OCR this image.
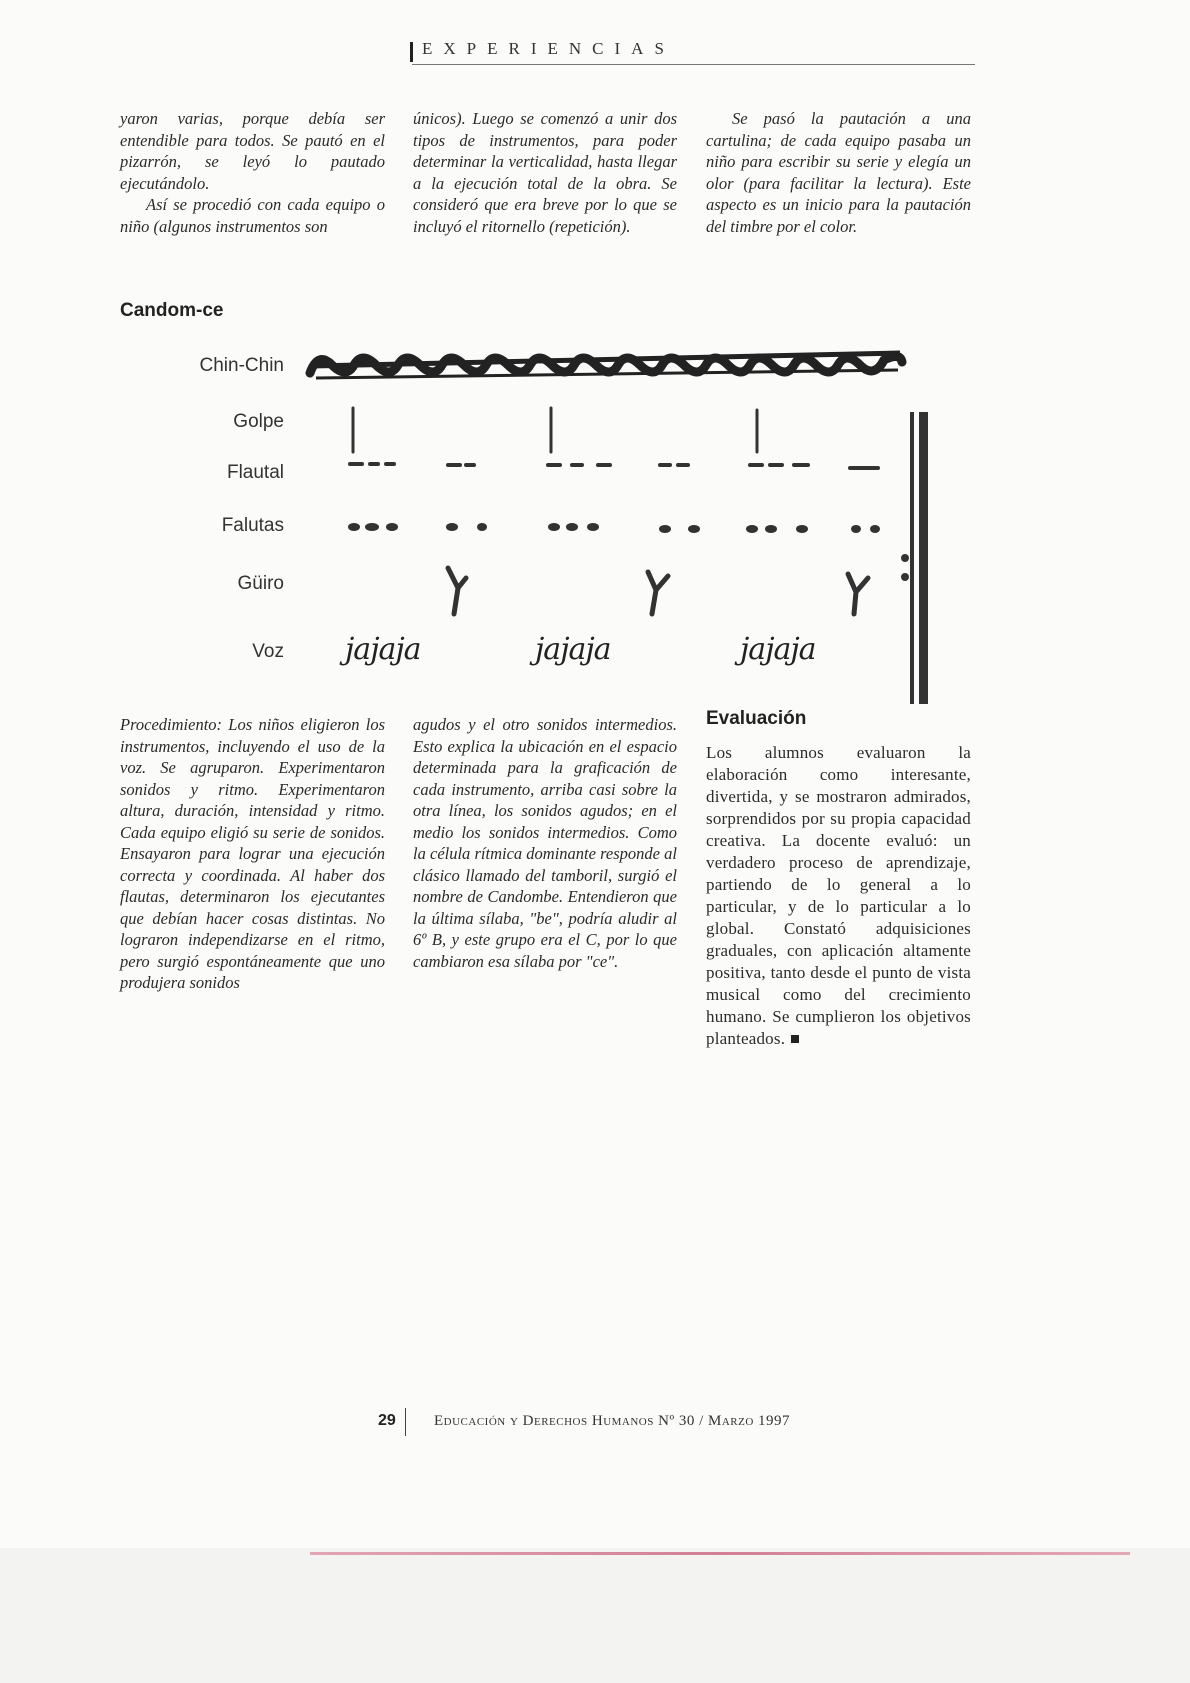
EXPERIENCIAS

yaron varias, porque debía ser entendible para todos. Se pautó en el pizarrón, se leyó lo pautado ejecutándolo.

Así se procedió con cada equipo o niño (algunos instrumentos son

únicos). Luego se comenzó a unir dos tipos de instrumentos, para poder determinar la verticalidad, hasta llegar a la ejecución total de la obra. Se consideró que era breve por lo que se incluyó el ritornello (repetición).

Se pasó la pautación a una cartulina; de cada equipo pasaba un niño para escribir su serie y elegía un olor (para facilitar la lectura). Este aspecto es un inicio para la pautación del timbre por el color.

Candom-ce
Chin-Chin
Golpe
Flautal
Falutas
Güiro
Voz jajaja	jajaja	jajaja

Procedimiento: Los niños eligieron los instrumentos, incluyendo el uso de la voz. Se agruparon. Experimentaron sonidos y ritmo. Experimentaron altura, duración, intensidad y ritmo. Cada equipo eligió su serie de sonidos. Ensayaron para lograr una ejecución correcta y coordinada. Al haber dos flautas, determinaron los ejecutantes que debían hacer cosas distintas. No lograron independizarse en el ritmo, pero surgió espontáneamente que uno produjera sonidos

agudos y el otro sonidos intermedios. Esto explica la ubicación en el espacio determinada para la graficación de cada instrumento, arriba casi sobre la otra línea, los sonidos agudos; en el medio los sonidos intermedios. Como la célula rítmica dominante responde al clásico llamado del tamboril, surgió el nombre de Candombe. Entendieron que la última sílaba, "be", podría aludir al 6º B, y este grupo era el C, por lo que cambiaron esa sílaba por "ce".

Evaluación
Los alumnos evaluaron la elaboración como interesante, divertida, y se mostraron admirados, sorprendidos por su propia capacidad creativa. La docente evaluó: un verdadero proceso de aprendizaje, partiendo de lo general a lo particular, y de lo particular a lo global. Constató adquisiciones graduales, con aplicación altamente positiva, tanto desde el punto de vista musical como del crecimiento humano. Se cumplieron los objetivos planteados.
29	Educación y Derechos Humanos Nº 30 / Marzo 1997
